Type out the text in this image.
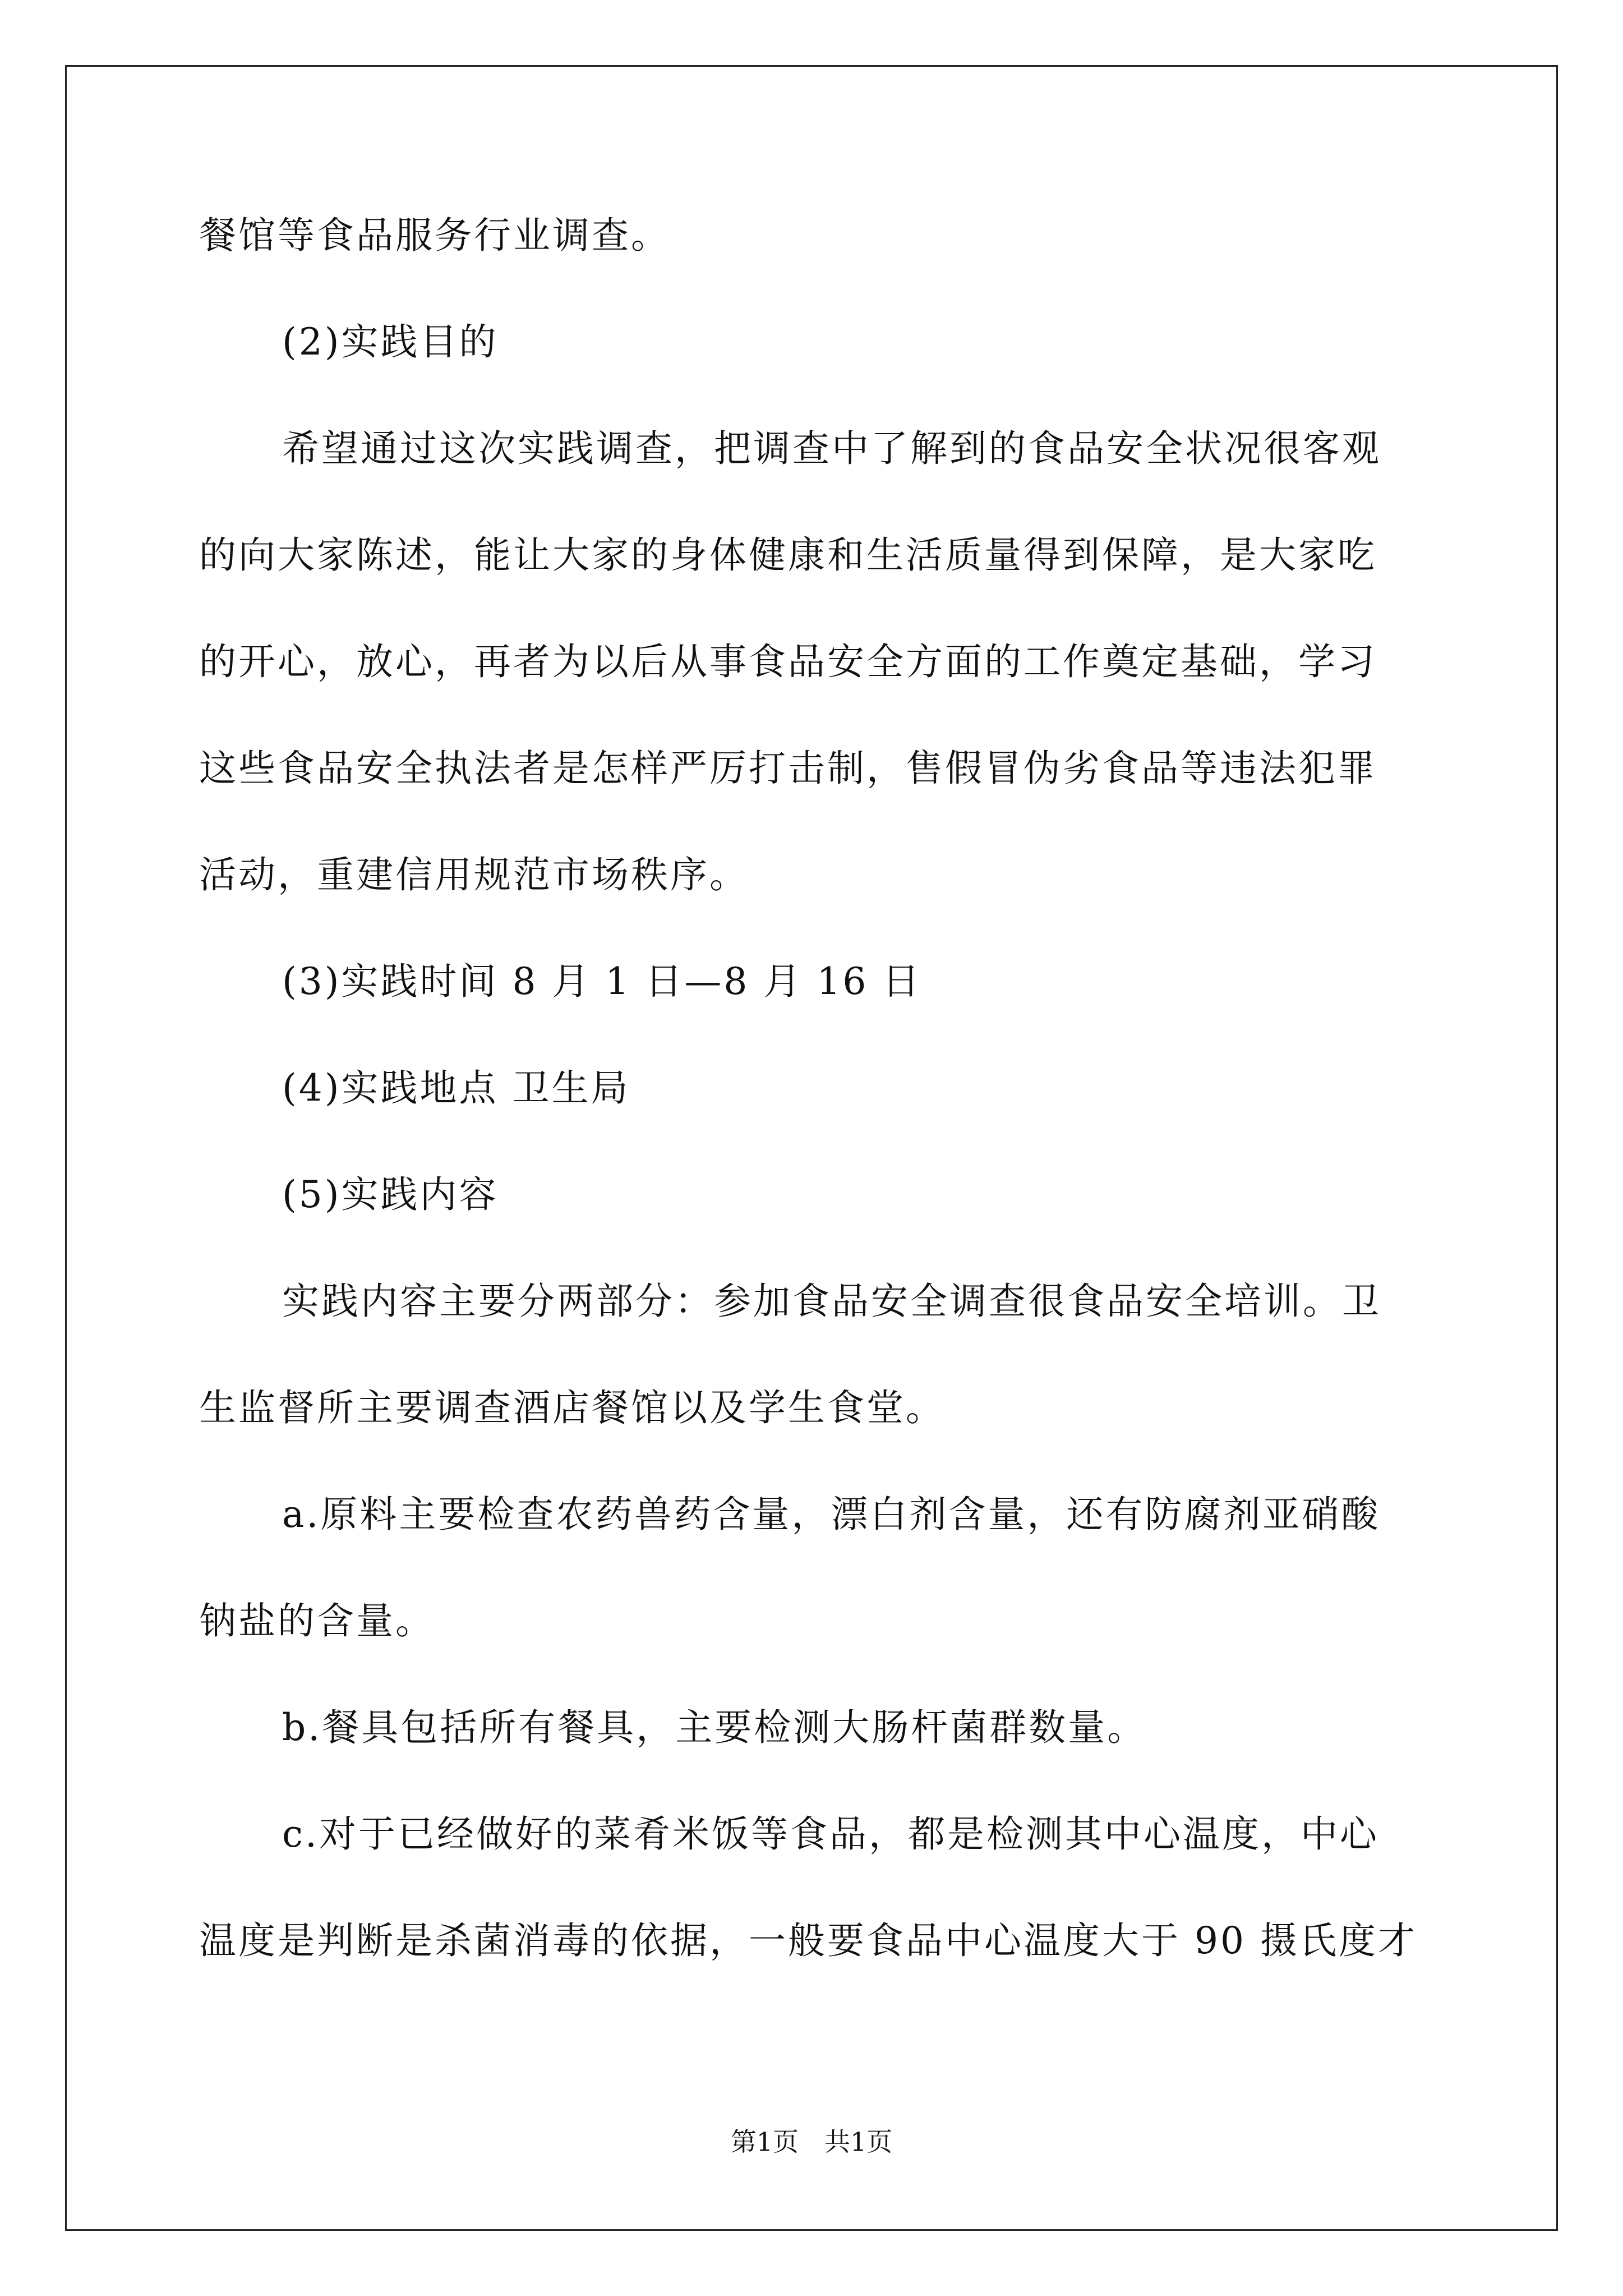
餐馆等食品服务行业调查。
(2)实践目的
希望通过这次实践调查，把调查中了解到的食品安全状况很客观
的向大家陈述，能让大家的身体健康和生活质量得到保障，是大家吃
的开心，放心，再者为以后从事食品安全方面的工作奠定基础，学习
这些食品安全执法者是怎样严厉打击制，售假冒伪劣食品等违法犯罪
活动，重建信用规范市场秩序。
(3)实践时间 8 月 1 日—8 月 16 日
(4)实践地点 卫生局
(5)实践内容
实践内容主要分两部分：参加食品安全调查很食品安全培训。卫
生监督所主要调查酒店餐馆以及学生食堂。
a.原料主要检查农药兽药含量，漂白剂含量，还有防腐剂亚硝酸
钠盐的含量。
b.餐具包括所有餐具，主要检测大肠杆菌群数量。
c.对于已经做好的菜肴米饭等食品，都是检测其中心温度，中心
温度是判断是杀菌消毒的依据，一般要食品中心温度大于 90 摄氏度才
第1页　共1页
